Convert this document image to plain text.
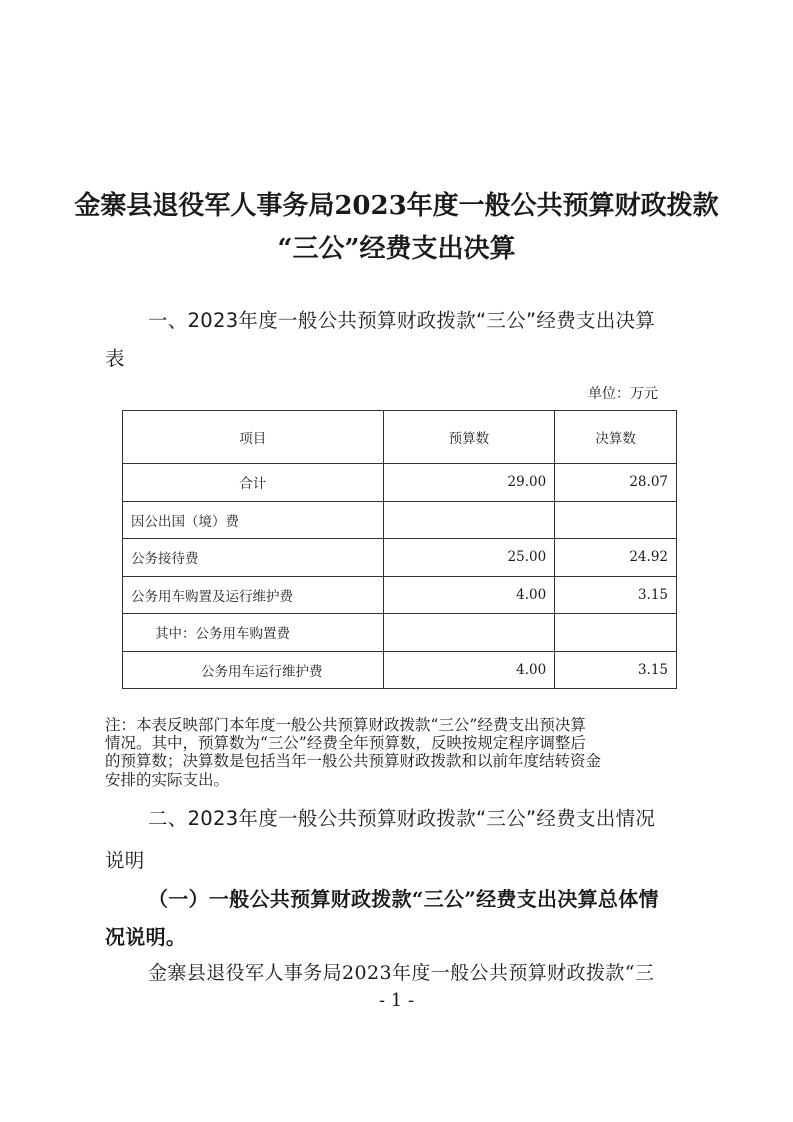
金寨县退役军人事务局2023年度一般公共预算财政拨款
“三公”经费支出决算
一、2023年度一般公共预算财政拨款“三公”经费支出决算
表
单位：万元
项目	预算数	决算数
合计	29.00	28.07
因公出国（境）费		
公务接待费	25.00	24.92
公务用车购置及运行维护费	4.00	3.15
其中：公务用车购置费		
公务用车运行维护费	4.00	3.15
注：本表反映部门本年度一般公共预算财政拨款“三公”经费支出预决算
情况。其中，预算数为“三公”经费全年预算数，反映按规定程序调整后
的预算数；决算数是包括当年一般公共预算财政拨款和以前年度结转资金
安排的实际支出。
二、2023年度一般公共预算财政拨款“三公”经费支出情况
说明
（一）一般公共预算财政拨款“三公”经费支出决算总体情
况说明。
金寨县退役军人事务局2023年度一般公共预算财政拨款“三
- 1 -
